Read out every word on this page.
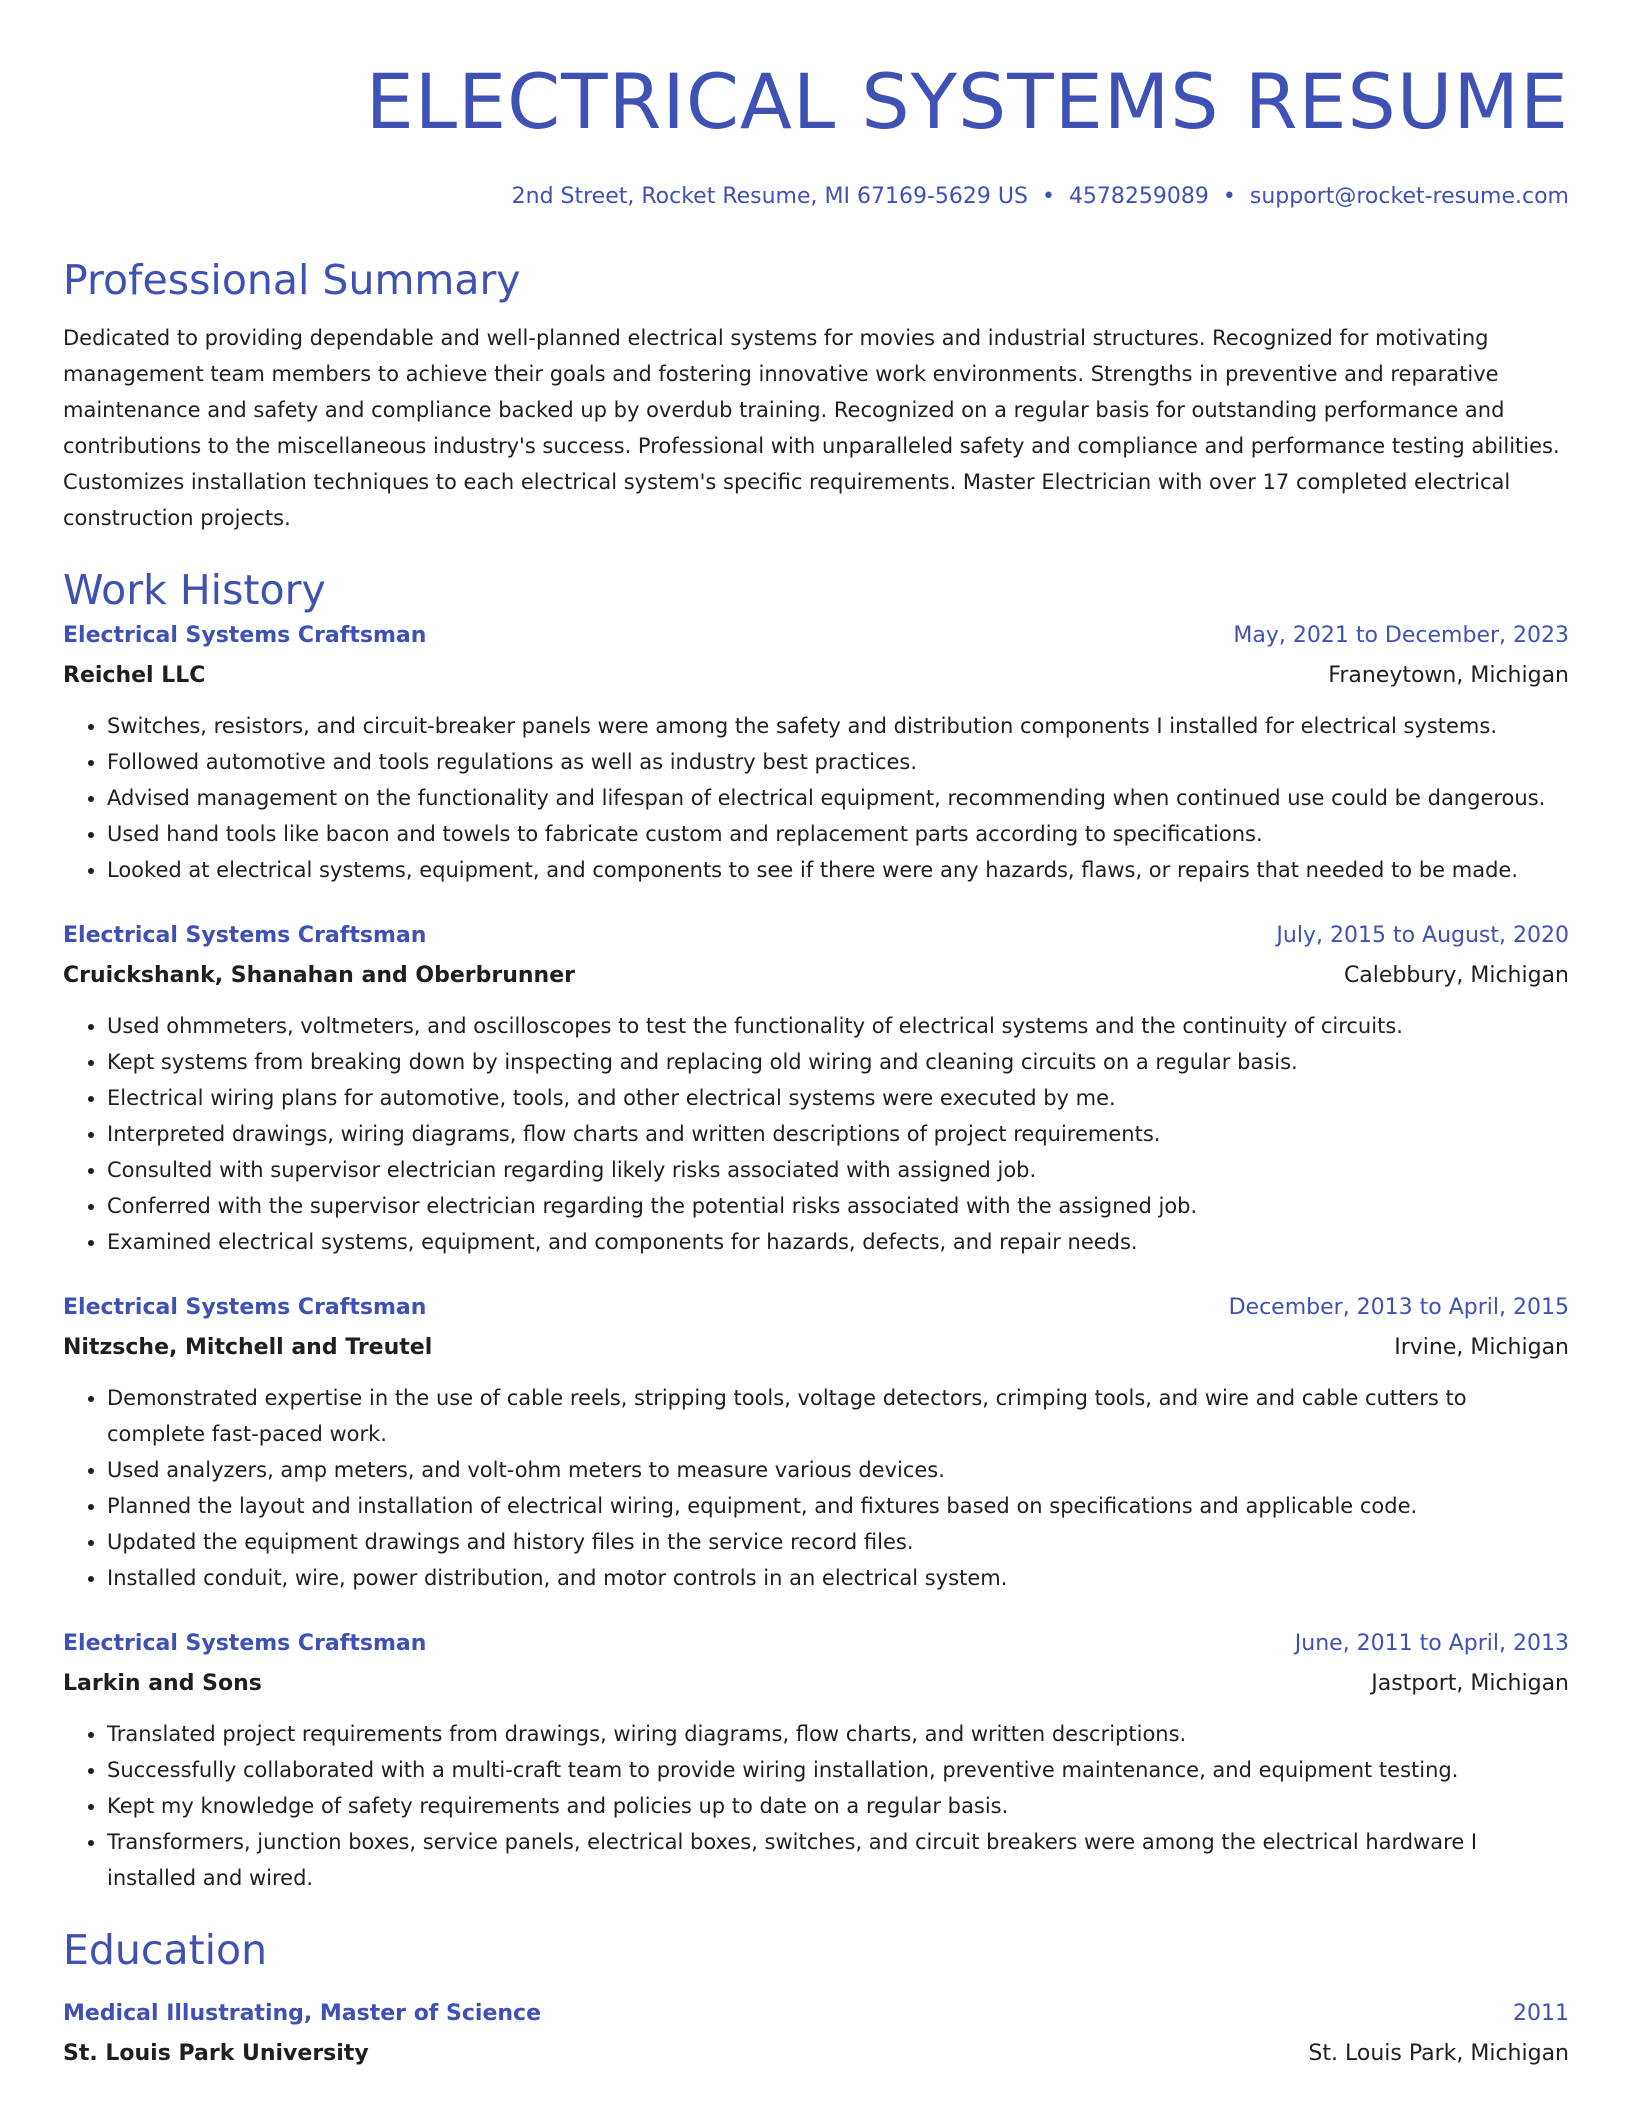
ELECTRICAL SYSTEMS RESUME
2nd Street, Rocket Resume, MI 67169-5629 US • 4578259089 • support@rocket-resume.com
Professional Summary
Dedicated to providing dependable and well-planned electrical systems for movies and industrial structures. Recognized for motivating management team members to achieve their goals and fostering innovative work environments. Strengths in preventive and reparative maintenance and safety and compliance backed up by overdub training. Recognized on a regular basis for outstanding performance and contributions to the miscellaneous industry's success. Professional with unparalleled safety and compliance and performance testing abilities. Customizes installation techniques to each electrical system's specific requirements. Master Electrician with over 17 completed electrical construction projects.
Work History
Electrical Systems Craftsman	May, 2021 to December, 2023
Reichel LLC	Franeytown, Michigan
• Switches, resistors, and circuit-breaker panels were among the safety and distribution components I installed for electrical systems.
• Followed automotive and tools regulations as well as industry best practices.
• Advised management on the functionality and lifespan of electrical equipment, recommending when continued use could be dangerous.
• Used hand tools like bacon and towels to fabricate custom and replacement parts according to specifications.
• Looked at electrical systems, equipment, and components to see if there were any hazards, flaws, or repairs that needed to be made.
Electrical Systems Craftsman	July, 2015 to August, 2020
Cruickshank, Shanahan and Oberbrunner	Calebbury, Michigan
• Used ohmmeters, voltmeters, and oscilloscopes to test the functionality of electrical systems and the continuity of circuits.
• Kept systems from breaking down by inspecting and replacing old wiring and cleaning circuits on a regular basis.
• Electrical wiring plans for automotive, tools, and other electrical systems were executed by me.
• Interpreted drawings, wiring diagrams, flow charts and written descriptions of project requirements.
• Consulted with supervisor electrician regarding likely risks associated with assigned job.
• Conferred with the supervisor electrician regarding the potential risks associated with the assigned job.
• Examined electrical systems, equipment, and components for hazards, defects, and repair needs.
Electrical Systems Craftsman	December, 2013 to April, 2015
Nitzsche, Mitchell and Treutel	Irvine, Michigan
• Demonstrated expertise in the use of cable reels, stripping tools, voltage detectors, crimping tools, and wire and cable cutters to complete fast-paced work.
• Used analyzers, amp meters, and volt-ohm meters to measure various devices.
• Planned the layout and installation of electrical wiring, equipment, and fixtures based on specifications and applicable code.
• Updated the equipment drawings and history files in the service record files.
• Installed conduit, wire, power distribution, and motor controls in an electrical system.
Electrical Systems Craftsman	June, 2011 to April, 2013
Larkin and Sons	Jastport, Michigan
• Translated project requirements from drawings, wiring diagrams, flow charts, and written descriptions.
• Successfully collaborated with a multi-craft team to provide wiring installation, preventive maintenance, and equipment testing.
• Kept my knowledge of safety requirements and policies up to date on a regular basis.
• Transformers, junction boxes, service panels, electrical boxes, switches, and circuit breakers were among the electrical hardware I installed and wired.
Education
Medical Illustrating, Master of Science	2011
St. Louis Park University	St. Louis Park, Michigan
